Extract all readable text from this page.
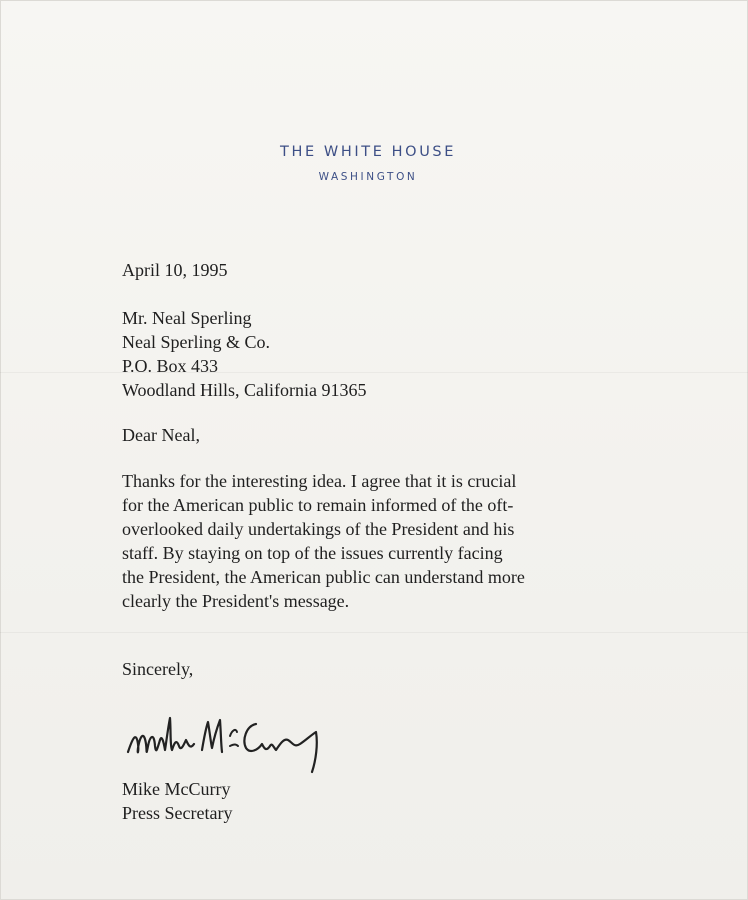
THE WHITE HOUSE
WASHINGTON
April 10, 1995
Mr. Neal Sperling
Neal Sperling & Co.
P.O. Box 433
Woodland Hills, California 91365
Dear Neal,
Thanks for the interesting idea. I agree that it is crucial
for the American public to remain informed of the oft-
overlooked daily undertakings of the President and his
staff. By staying on top of the issues currently facing
the President, the American public can understand more
clearly the President's message.
Sincerely,
Mike McCurry
Press Secretary
